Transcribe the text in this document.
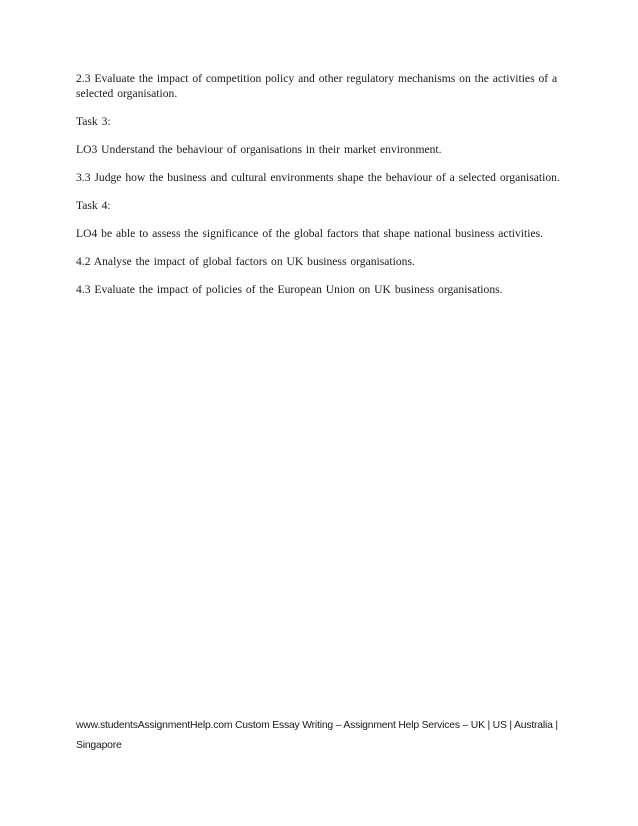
2.3 Evaluate the impact of competition policy and other regulatory mechanisms on the activities of a selected organisation.

Task 3:

LO3 Understand the behaviour of organisations in their market environment.

3.3 Judge how the business and cultural environments shape the behaviour of a selected organisation.

Task 4:

LO4 be able to assess the significance of the global factors that shape national business activities.

4.2 Analyse the impact of global factors on UK business organisations.

4.3 Evaluate the impact of policies of the European Union on UK business organisations.

www.studentsAssignmentHelp.com Custom Essay Writing – Assignment Help Services – UK | US | Australia | Singapore
